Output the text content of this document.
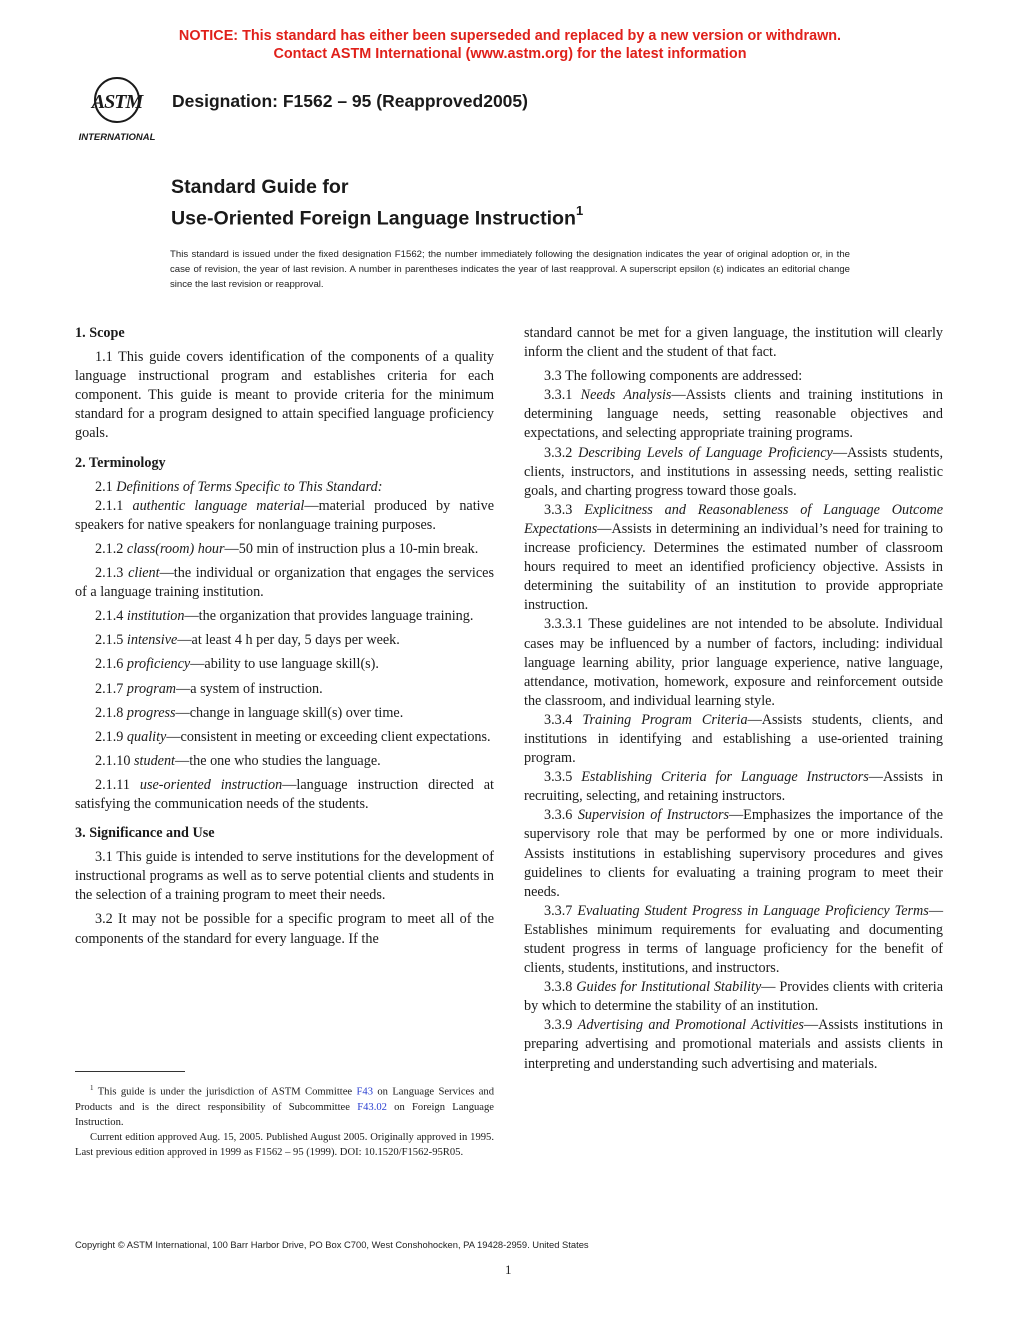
NOTICE: This standard has either been superseded and replaced by a new version or withdrawn.
Contact ASTM International (www.astm.org) for the latest information
ASTM
INTERNATIONAL
Designation: F1562 – 95 (Reapproved2005)
Standard Guide for
Use-Oriented Foreign Language Instruction$^1$
This standard is issued under the fixed designation F1562; the number immediately following the designation indicates the year of original adoption or, in the case of revision, the year of last revision. A number in parentheses indicates the year of last reapproval. A superscript epsilon (ε) indicates an editorial change since the last revision or reapproval.
1. Scope

1.1 This guide covers identification of the components of a quality language instructional program and establishes criteria for each component. This guide is meant to provide criteria for the minimum standard for a program designed to attain specified language proficiency goals.

2. Terminology

2.1 Definitions of Terms Specific to This Standard:

2.1.1 authentic language material—material produced by native speakers for native speakers for nonlanguage training purposes.

2.1.2 class(room) hour—50 min of instruction plus a 10-min break.

2.1.3 client—the individual or organization that engages the services of a language training institution.

2.1.4 institution—the organization that provides language training.

2.1.5 intensive—at least 4 h per day, 5 days per week.

2.1.6 proficiency—ability to use language skill(s).

2.1.7 program—a system of instruction.

2.1.8 progress—change in language skill(s) over time.

2.1.9 quality—consistent in meeting or exceeding client expectations.

2.1.10 student—the one who studies the language.

2.1.11 use-oriented instruction—language instruction directed at satisfying the communication needs of the students.

3. Significance and Use

3.1 This guide is intended to serve institutions for the development of instructional programs as well as to serve potential clients and students in the selection of a training program to meet their needs.

3.2 It may not be possible for a specific program to meet all of the components of the standard for every language. If the

standard cannot be met for a given language, the institution will clearly inform the client and the student of that fact.

3.3 The following components are addressed:

3.3.1 Needs Analysis—Assists clients and training institutions in determining language needs, setting reasonable objectives and expectations, and selecting appropriate training programs.

3.3.2 Describing Levels of Language Proficiency—Assists students, clients, instructors, and institutions in assessing needs, setting realistic goals, and charting progress toward those goals.

3.3.3 Explicitness and Reasonableness of Language Outcome Expectations—Assists in determining an individual’s need for training to increase proficiency. Determines the estimated number of classroom hours required to meet an identified proficiency objective. Assists in determining the suitability of an institution to provide appropriate instruction.

3.3.3.1 These guidelines are not intended to be absolute. Individual cases may be influenced by a number of factors, including: individual language learning ability, prior language experience, native language, attendance, motivation, homework, exposure and reinforcement outside the classroom, and individual learning style.

3.3.4 Training Program Criteria—Assists students, clients, and institutions in identifying and establishing a use-oriented training program.

3.3.5 Establishing Criteria for Language Instructors—Assists in recruiting, selecting, and retaining instructors.

3.3.6 Supervision of Instructors—Emphasizes the importance of the supervisory role that may be performed by one or more individuals. Assists institutions in establishing supervisory procedures and gives guidelines to clients for evaluating a training program to meet their needs.

3.3.7 Evaluating Student Progress in Language Proficiency Terms—Establishes minimum requirements for evaluating and documenting student progress in terms of language proficiency for the benefit of clients, students, institutions, and instructors.

3.3.8 Guides for Institutional Stability— Provides clients with criteria by which to determine the stability of an institution.

3.3.9 Advertising and Promotional Activities—Assists institutions in preparing advertising and promotional materials and assists clients in interpreting and understanding such advertising and materials.

$^1$ This guide is under the jurisdiction of ASTM Committee F43 on Language Services and Products and is the direct responsibility of Subcommittee F43.02 on Foreign Language Instruction.

Current edition approved Aug. 15, 2005. Published August 2005. Originally approved in 1995. Last previous edition approved in 1999 as F1562 – 95 (1999). DOI: 10.1520/F1562-95R05.

Copyright © ASTM International, 100 Barr Harbor Drive, PO Box C700, West Conshohocken, PA 19428-2959. United States
1
